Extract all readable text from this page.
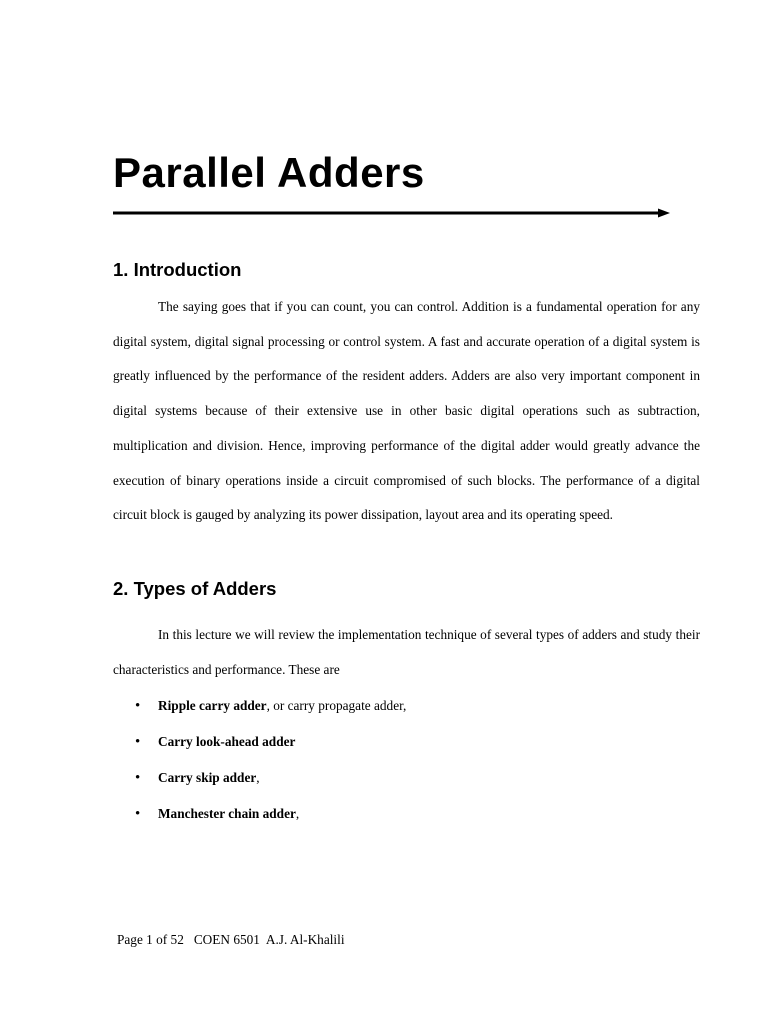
Parallel Adders
1. Introduction

The saying goes that if you can count, you can control. Addition is a fundamental operation for any digital system, digital signal processing or control system. A fast and accurate operation of a digital system is greatly influenced by the performance of the resident adders. Adders are also very important component in digital systems because of their extensive use in other basic digital operations such as subtraction, multiplication and division. Hence, improving performance of the digital adder would greatly advance the execution of binary operations inside a circuit compromised of such blocks. The performance of a digital circuit block is gauged by analyzing its power dissipation, layout area and its operating speed.

2. Types of Adders

In this lecture we will review the implementation technique of several types of adders and study their characteristics and performance. These are

• Ripple carry adder, or carry propagate adder,
• Carry look-ahead adder
• Carry skip adder,
• Manchester chain adder,

Page 1 of 52   COEN 6501  A.J. Al-Khalili
